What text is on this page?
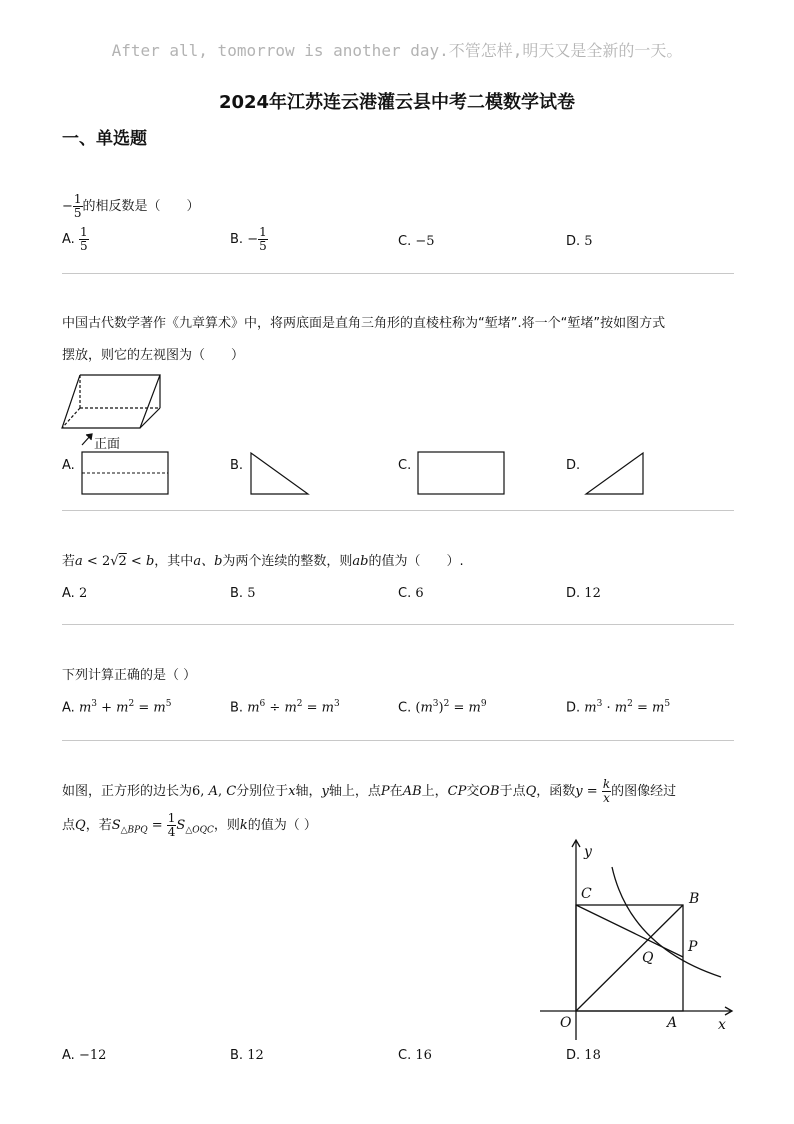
After all, tomorrow is another day.不管怎样,明天又是全新的一天。
2024年江苏连云港灌云县中考二模数学试卷
一、单选题
− $\frac{1}{5}$ 的相反数是（　　）
A. $\frac{1}{5}$	B. − $\frac{1}{5}$	C. −5	D. 5
中国古代数学著作《九章算术》中，将两底面是直角三角形的直棱柱称为“堑堵”.将一个“堑堵”按如图方式
摆放，则它的左视图为（　　）
正面
A.	B.	C.	D.
若a < 2√2 < b，其中a、b为两个连续的整数，则ab的值为（　　）.
A. 2	B. 5	C. 6	D. 12
下列计算正确的是（ ）
A. $m^3 + m^2 = m^5$	B. $m^6 \div m^2 = m^3$	C. $(m^3)^2 = m^9$	D. $m^3 \cdot m^2 = m^5$
如图，正方形的边长为6, A, C分别位于x轴，y轴上，点P在AB上，CP交OB于点Q，函数$y = \frac{k}{x}$ 的图像经过
点Q，若$S_{\triangle BPQ} = \frac{1}{4} S_{\triangle OQC}$，则k的值为（ ）
y
x
C	B
P
Q
O	A
A. −12	B. 12	C. 16	D. 18
